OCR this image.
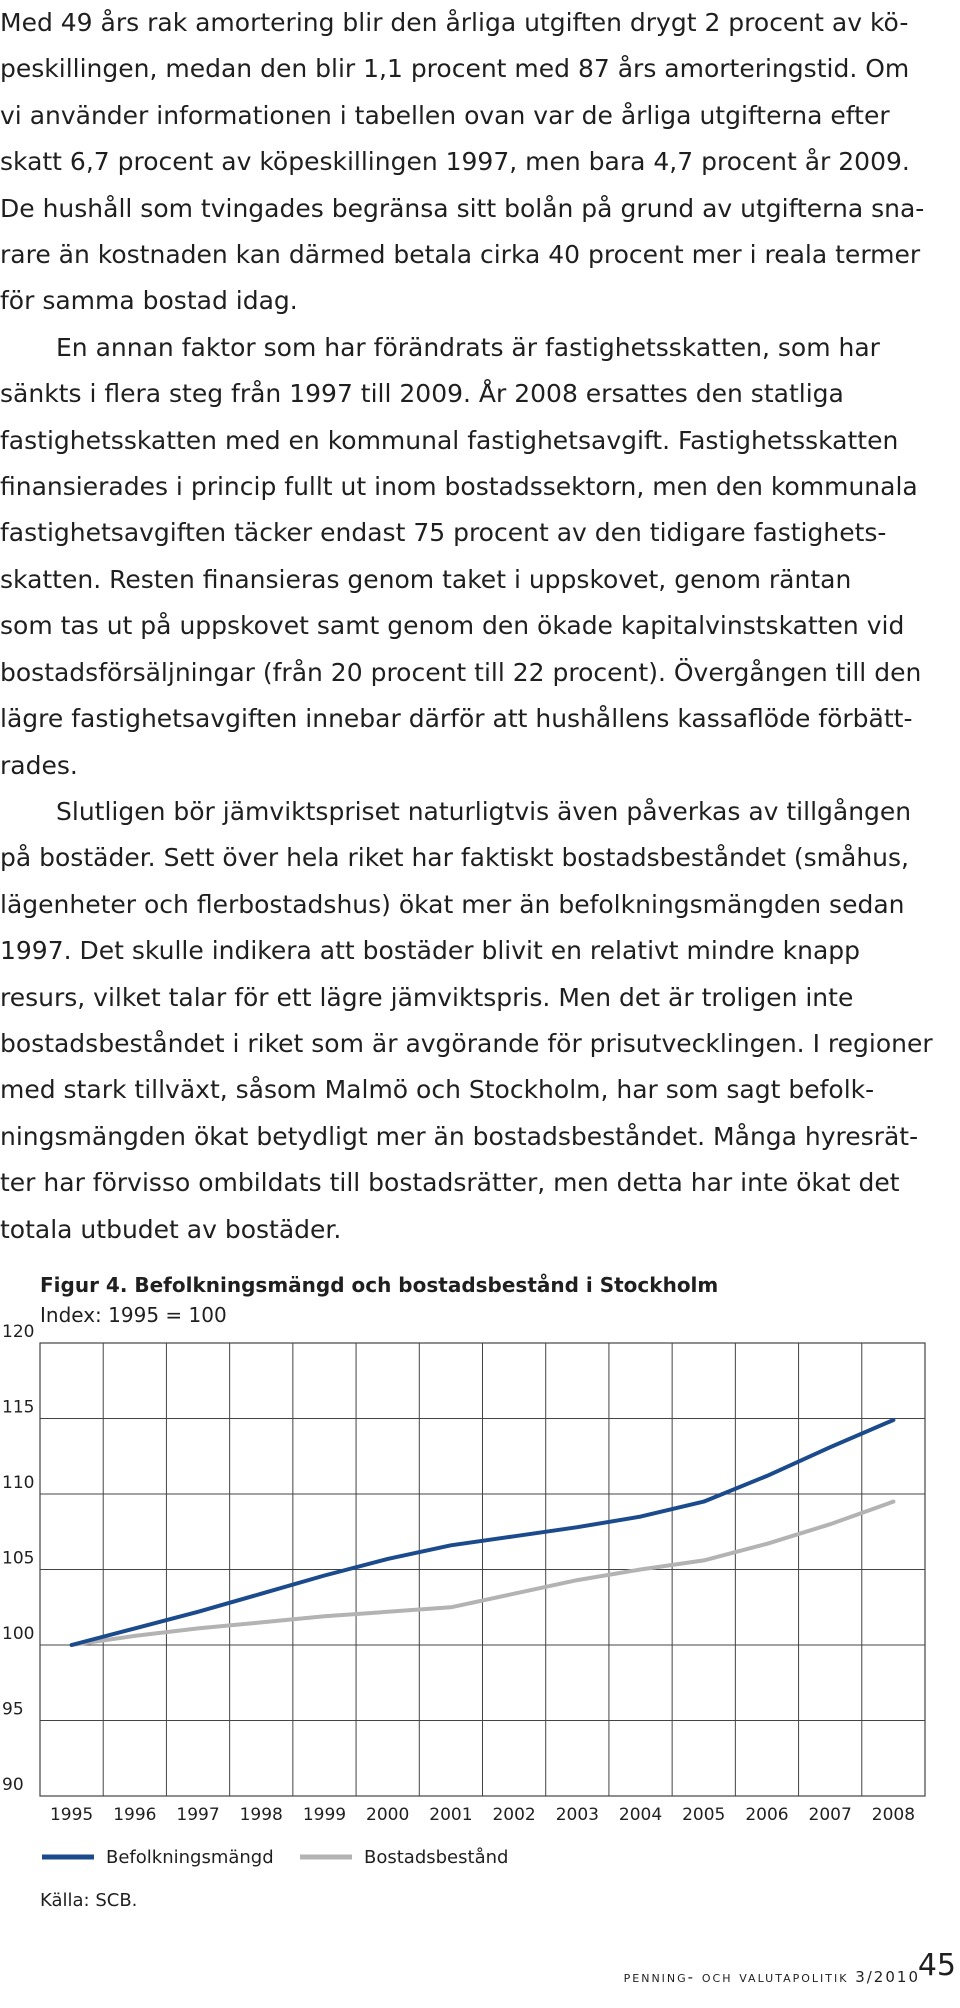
Med 49 års rak amortering blir den årliga utgiften drygt 2 procent av kö-
peskillingen, medan den blir 1,1 procent med 87 års amorteringstid. Om
vi använder informationen i tabellen ovan var de årliga utgifterna efter
skatt 6,7 procent av köpeskillingen 1997, men bara 4,7 procent år 2009.
De hushåll som tvingades begränsa sitt bolån på grund av utgifterna sna-
rare än kostnaden kan därmed betala cirka 40 procent mer i reala termer
för samma bostad idag.

En annan faktor som har förändrats är fastighetsskatten, som har
sänkts i flera steg från 1997 till 2009. År 2008 ersattes den statliga
fastighetsskatten med en kommunal fastighetsavgift. Fastighetsskatten
finansierades i princip fullt ut inom bostadssektorn, men den kommunala
fastighetsavgiften täcker endast 75 procent av den tidigare fastighets-
skatten. Resten finansieras genom taket i uppskovet, genom räntan
som tas ut på uppskovet samt genom den ökade kapitalvinstskatten vid
bostadsförsäljningar (från 20 procent till 22 procent). Övergången till den
lägre fastighetsavgiften innebar därför att hushållens kassaflöde förbätt-
rades.

Slutligen bör jämviktspriset naturligtvis även påverkas av tillgången
på bostäder. Sett över hela riket har faktiskt bostadsbeståndet (småhus,
lägenheter och flerbostadshus) ökat mer än befolkningsmängden sedan
1997. Det skulle indikera att bostäder blivit en relativt mindre knapp
resurs, vilket talar för ett lägre jämviktspris. Men det är troligen inte
bostadsbeståndet i riket som är avgörande för prisutvecklingen. I regioner
med stark tillväxt, såsom Malmö och Stockholm, har som sagt befolk-
ningsmängden ökat betydligt mer än bostadsbeståndet. Många hyresrät-
ter har förvisso ombildats till bostadsrätter, men detta har inte ökat det
totala utbudet av bostäder.

Figur 4. Befolkningsmängd och bostadsbestånd i Stockholm

Index: 1995 = 100

90
95
100
105
110
115
120
1995 1996 1997 1998 1999 2000 2001 2002 2003 2004 2005 2006 2007 2008
Befolkningsmängd	Bostadsbestånd

Källa: SCB.

penning- och valutapolitik 3/2010
45
